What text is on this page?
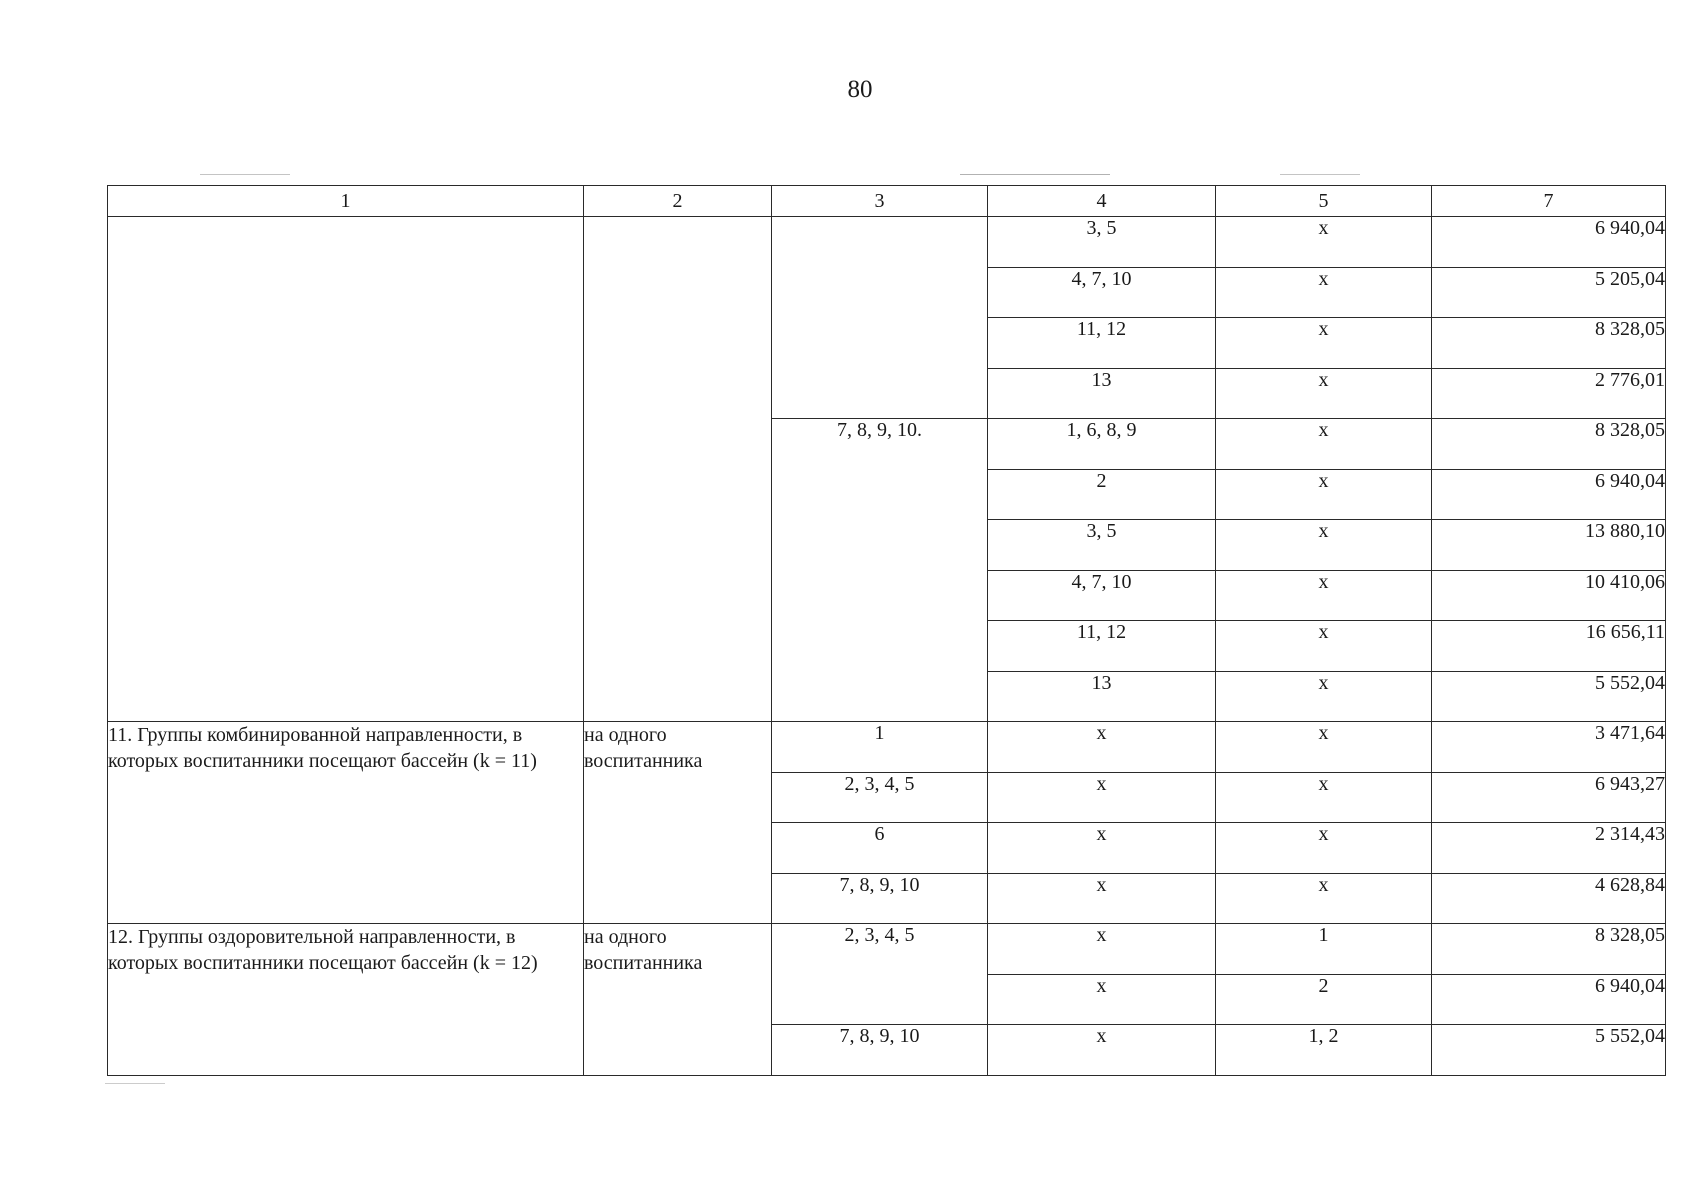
80
1	2	3	4	5	7
			3, 5	x	6 940,04
			4, 7, 10	x	5 205,04
			11, 12	x	8 328,05
			13	x	2 776,01
		7, 8, 9, 10.	1, 6, 8, 9	x	8 328,05
			2	x	6 940,04
			3, 5	x	13 880,10
			4, 7, 10	x	10 410,06
			11, 12	x	16 656,11
			13	x	5 552,04
11. Группы комбинированной направленности, в которых воспитанники посещают бассейн (k = 11)	на одного воспитанника	1	x	x	3 471,64
		2, 3, 4, 5	x	x	6 943,27
		6	x	x	2 314,43
		7, 8, 9, 10	x	x	4 628,84
12. Группы оздоровительной направленности, в которых воспитанники посещают бассейн (k = 12)	на одного воспитанника	2, 3, 4, 5	x	1	8 328,05
			x	2	6 940,04
		7, 8, 9, 10	x	1, 2	5 552,04
